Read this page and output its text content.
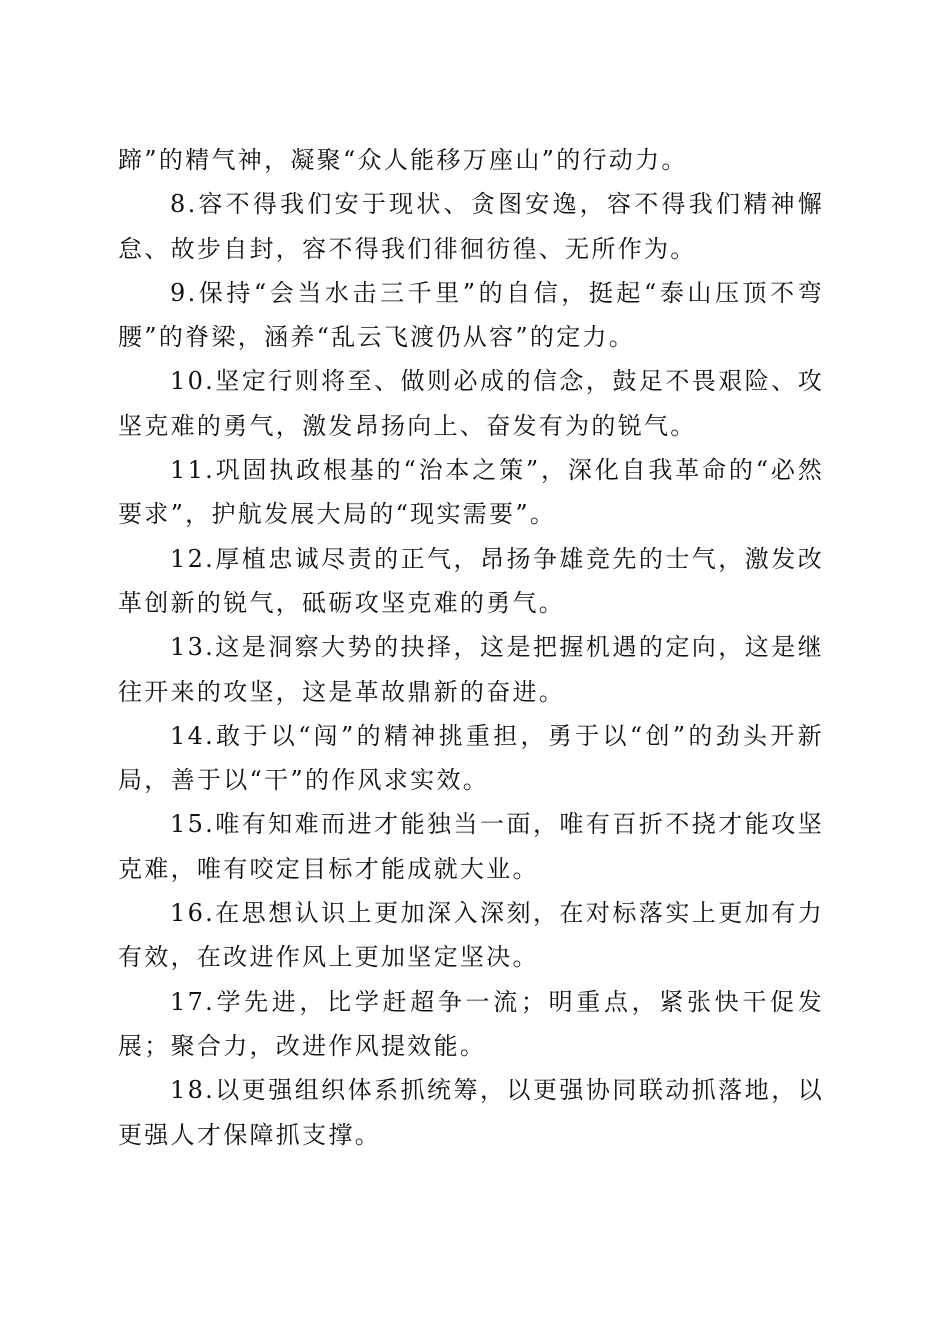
蹄”的精气神，凝聚“众人能移万座山”的行动力。

8.容不得我们安于现状、贪图安逸，容不得我们精神懈怠、故步自封，容不得我们徘徊彷徨、无所作为。

9.保持“会当水击三千里”的自信，挺起“泰山压顶不弯腰”的脊梁，涵养“乱云飞渡仍从容”的定力。

10.坚定行则将至、做则必成的信念，鼓足不畏艰险、攻坚克难的勇气，激发昂扬向上、奋发有为的锐气。

11.巩固执政根基的“治本之策”，深化自我革命的“必然要求”，护航发展大局的“现实需要”。

12.厚植忠诚尽责的正气，昂扬争雄竞先的士气，激发改革创新的锐气，砥砺攻坚克难的勇气。

13.这是洞察大势的抉择，这是把握机遇的定向，这是继往开来的攻坚，这是革故鼎新的奋进。

14.敢于以“闯”的精神挑重担，勇于以“创”的劲头开新局，善于以“干”的作风求实效。

15.唯有知难而进才能独当一面，唯有百折不挠才能攻坚克难，唯有咬定目标才能成就大业。

16.在思想认识上更加深入深刻，在对标落实上更加有力有效，在改进作风上更加坚定坚决。

17.学先进，比学赶超争一流；明重点，紧张快干促发展；聚合力，改进作风提效能。

18.以更强组织体系抓统筹，以更强协同联动抓落地，以更强人才保障抓支撑。
